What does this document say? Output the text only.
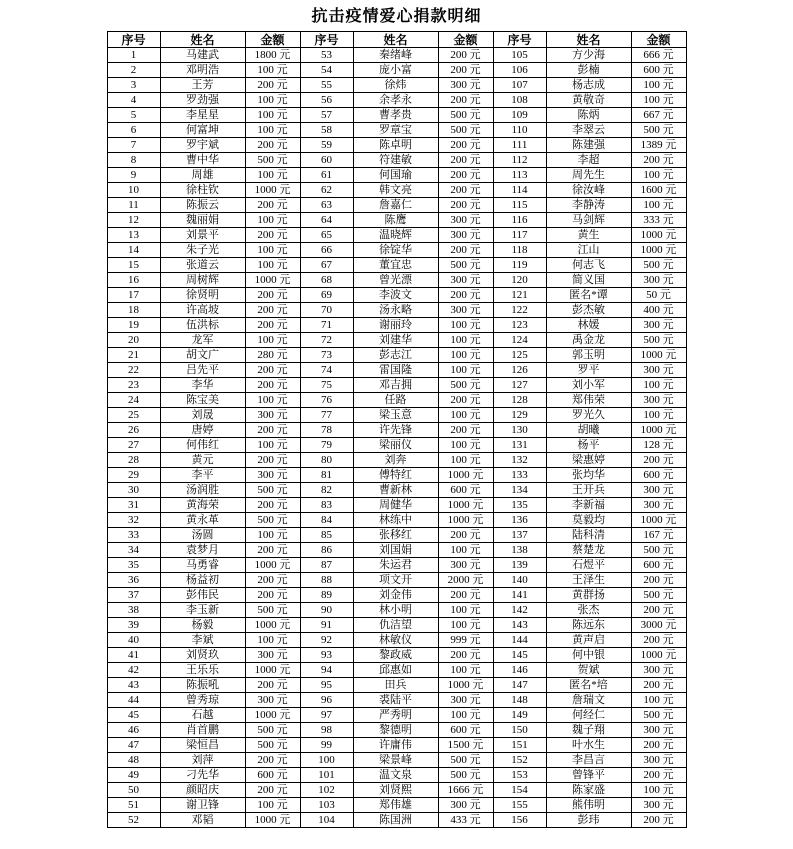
抗击疫情爱心捐款明细
序号	姓名	金额	序号	姓名	金额	序号	姓名	金额
1	马建武	1800 元	53	秦绪峰	200 元	105	方少海	666 元
2	邓明浩	100 元	54	庞小富	200 元	106	彭楠	600 元
3	王芳	200 元	55	徐炜	300 元	107	杨志成	100 元
4	罗劲强	100 元	56	余孝永	200 元	108	黄敬奇	100 元
5	李星星	100 元	57	曹孝贵	500 元	109	陈炳	667 元
6	何富坤	100 元	58	罗章宝	500 元	110	李翠云	500 元
7	罗宇斌	200 元	59	陈卓明	200 元	111	陈建强	1389 元
8	曹中华	500 元	60	符建敏	200 元	112	李超	200 元
9	周雄	100 元	61	何国瑜	200 元	113	周先生	100 元
10	徐柱钦	1000 元	62	韩文亮	200 元	114	徐汝峰	1600 元
11	陈振云	200 元	63	詹嘉仁	200 元	115	李静涛	100 元
12	魏丽娟	100 元	64	陈鹰	300 元	116	马剑辉	333 元
13	刘景平	200 元	65	温晓辉	300 元	117	黄生	1000 元
14	朱子光	100 元	66	徐锭华	200 元	118	江山	1000 元
15	张道云	100 元	67	董宜忠	500 元	119	何志飞	500 元
16	周树辉	1000 元	68	曾光漂	300 元	120	简义国	300 元
17	徐贤明	200 元	69	李波文	200 元	121	匿名*谭	50 元
18	许高坡	200 元	70	汤永略	300 元	122	彭杰敏	400 元
19	伍洪标	200 元	71	谢丽玲	100 元	123	林媛	300 元
20	龙军	100 元	72	刘建华	100 元	124	禹金龙	500 元
21	胡文广	280 元	73	彭志江	100 元	125	郭玉明	1000 元
22	吕先平	200 元	74	雷国隆	100 元	126	罗平	300 元
23	李华	200 元	75	邓吉拥	500 元	127	刘小军	100 元
24	陈宝美	100 元	76	任路	200 元	128	郑伟荣	300 元
25	刘晟	300 元	77	梁玉意	100 元	129	罗光久	100 元
26	唐婷	200 元	78	许先锋	200 元	130	胡曦	1000 元
27	何伟红	100 元	79	梁丽仪	100 元	131	杨平	128 元
28	黄元	200 元	80	刘奔	100 元	132	梁惠婷	200 元
29	李平	300 元	81	傅特红	1000 元	133	张均华	600 元
30	汤润胜	500 元	82	曹新林	600 元	134	王开兵	300 元
31	黄海荣	200 元	83	周健华	1000 元	135	李新福	300 元
32	黄永革	500 元	84	林练中	1000 元	136	莫毅均	1000 元
33	汤圆	100 元	85	张移红	200 元	137	陆科清	167 元
34	袁梦月	200 元	86	刘国娟	100 元	138	蔡楚龙	500 元
35	马勇睿	1000 元	87	朱运君	300 元	139	石煜平	600 元
36	杨益初	200 元	88	项文开	2000 元	140	王泽生	200 元
37	彭伟民	200 元	89	刘金伟	200 元	141	黄群扬	500 元
38	李玉新	500 元	90	林小明	100 元	142	张杰	200 元
39	杨毅	1000 元	91	仇洁望	100 元	143	陈远东	3000 元
40	李斌	100 元	92	林敏仪	999 元	144	黄声启	200 元
41	刘贤玖	300 元	93	黎政威	200 元	145	何中银	1000 元
42	王乐乐	1000 元	94	邱惠如	100 元	146	贺斌	300 元
43	陈振吼	200 元	95	田兵	1000 元	147	匿名*培	200 元
44	曾秀琼	300 元	96	裘陆平	300 元	148	詹瑞文	100 元
45	石越	1000 元	97	严秀明	100 元	149	何经仁	500 元
46	肖首鹏	500 元	98	黎德明	600 元	150	魏子翔	300 元
47	梁恒昌	500 元	99	许庸伟	1500 元	151	叶水生	200 元
48	刘萍	200 元	100	梁景峰	500 元	152	李昌言	300 元
49	刁先华	600 元	101	温文泉	500 元	153	曾锋平	200 元
50	颜昭庆	200 元	102	刘贤熙	1666 元	154	陈家盛	100 元
51	谢卫锋	100 元	103	郑伟雄	300 元	155	熊伟明	300 元
52	邓韬	1000 元	104	陈国洲	433 元	156	彭玮	200 元
